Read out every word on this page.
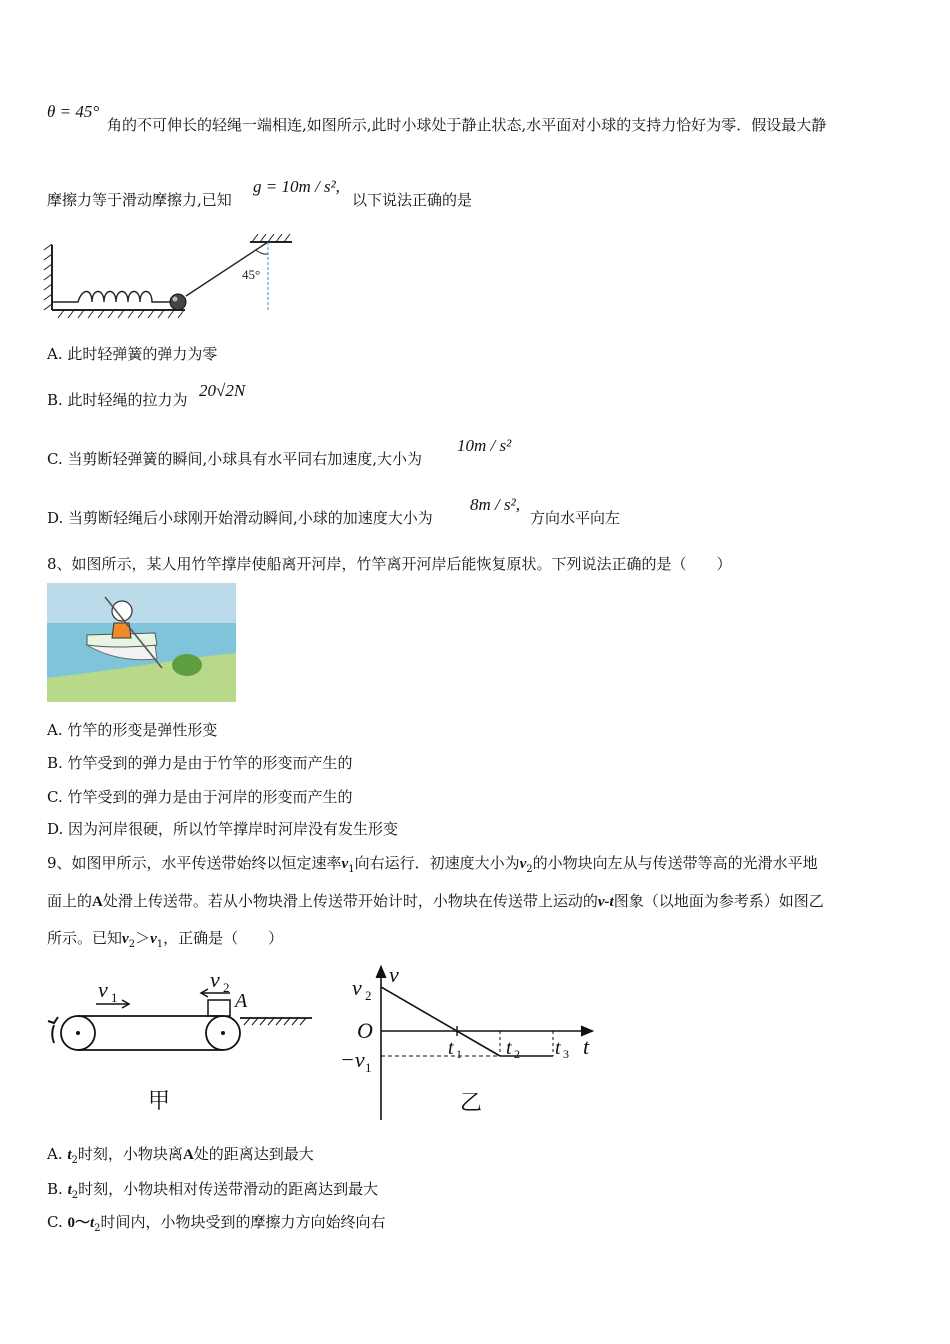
θ = 45°
角的不可伸长的轻绳一端相连,如图所示,此时小球处于静止状态,水平面对小球的支持力恰好为零．假设最大静
摩擦力等于滑动摩擦力,已知
g = 10m / s²,
以下说法正确的是
45°
A. 此时轻弹簧的弹力为零
B. 此时轻绳的拉力为 20√2N
C. 当剪断轻弹簧的瞬间,小球具有水平同右加速度,大小为
10m / s²
D. 当剪断轻绳后小球刚开始滑动瞬间,小球的加速度大小为
8m / s²,
方向水平向左
8、如图所示，某人用竹竿撑岸使船离开河岸，竹竿离开河岸后能恢复原状。下列说法正确的是（　　）
A. 竹竿的形变是弹性形变
B. 竹竿受到的弹力是由于竹竿的形变而产生的
C. 竹竿受到的弹力是由于河岸的形变而产生的
D. 因为河岸很硬，所以竹竿撑岸时河岸没有发生形变
9、如图甲所示，水平传送带始终以恒定速率$v_1$向右运行．初速度大小为$v_2$的小物块向左从与传送带等高的光滑水平地
面上的A处滑上传送带。若从小物块滑上传送带开始计时，小物块在传送带上运动的v-t图象（以地面为参考系）如图乙
所示。已知$v_2>v_1$，正确是（　　）
v 1
v 2
A
甲
v
t
O
v 2
−v 1
t 1 t 2 t 3
乙
A. $t_2$时刻，小物块离A处的距离达到最大
B. $t_2$时刻，小物块相对传送带滑动的距离达到最大
C. $0\sim t_2$时间内，小物块受到的摩擦力方向始终向右
